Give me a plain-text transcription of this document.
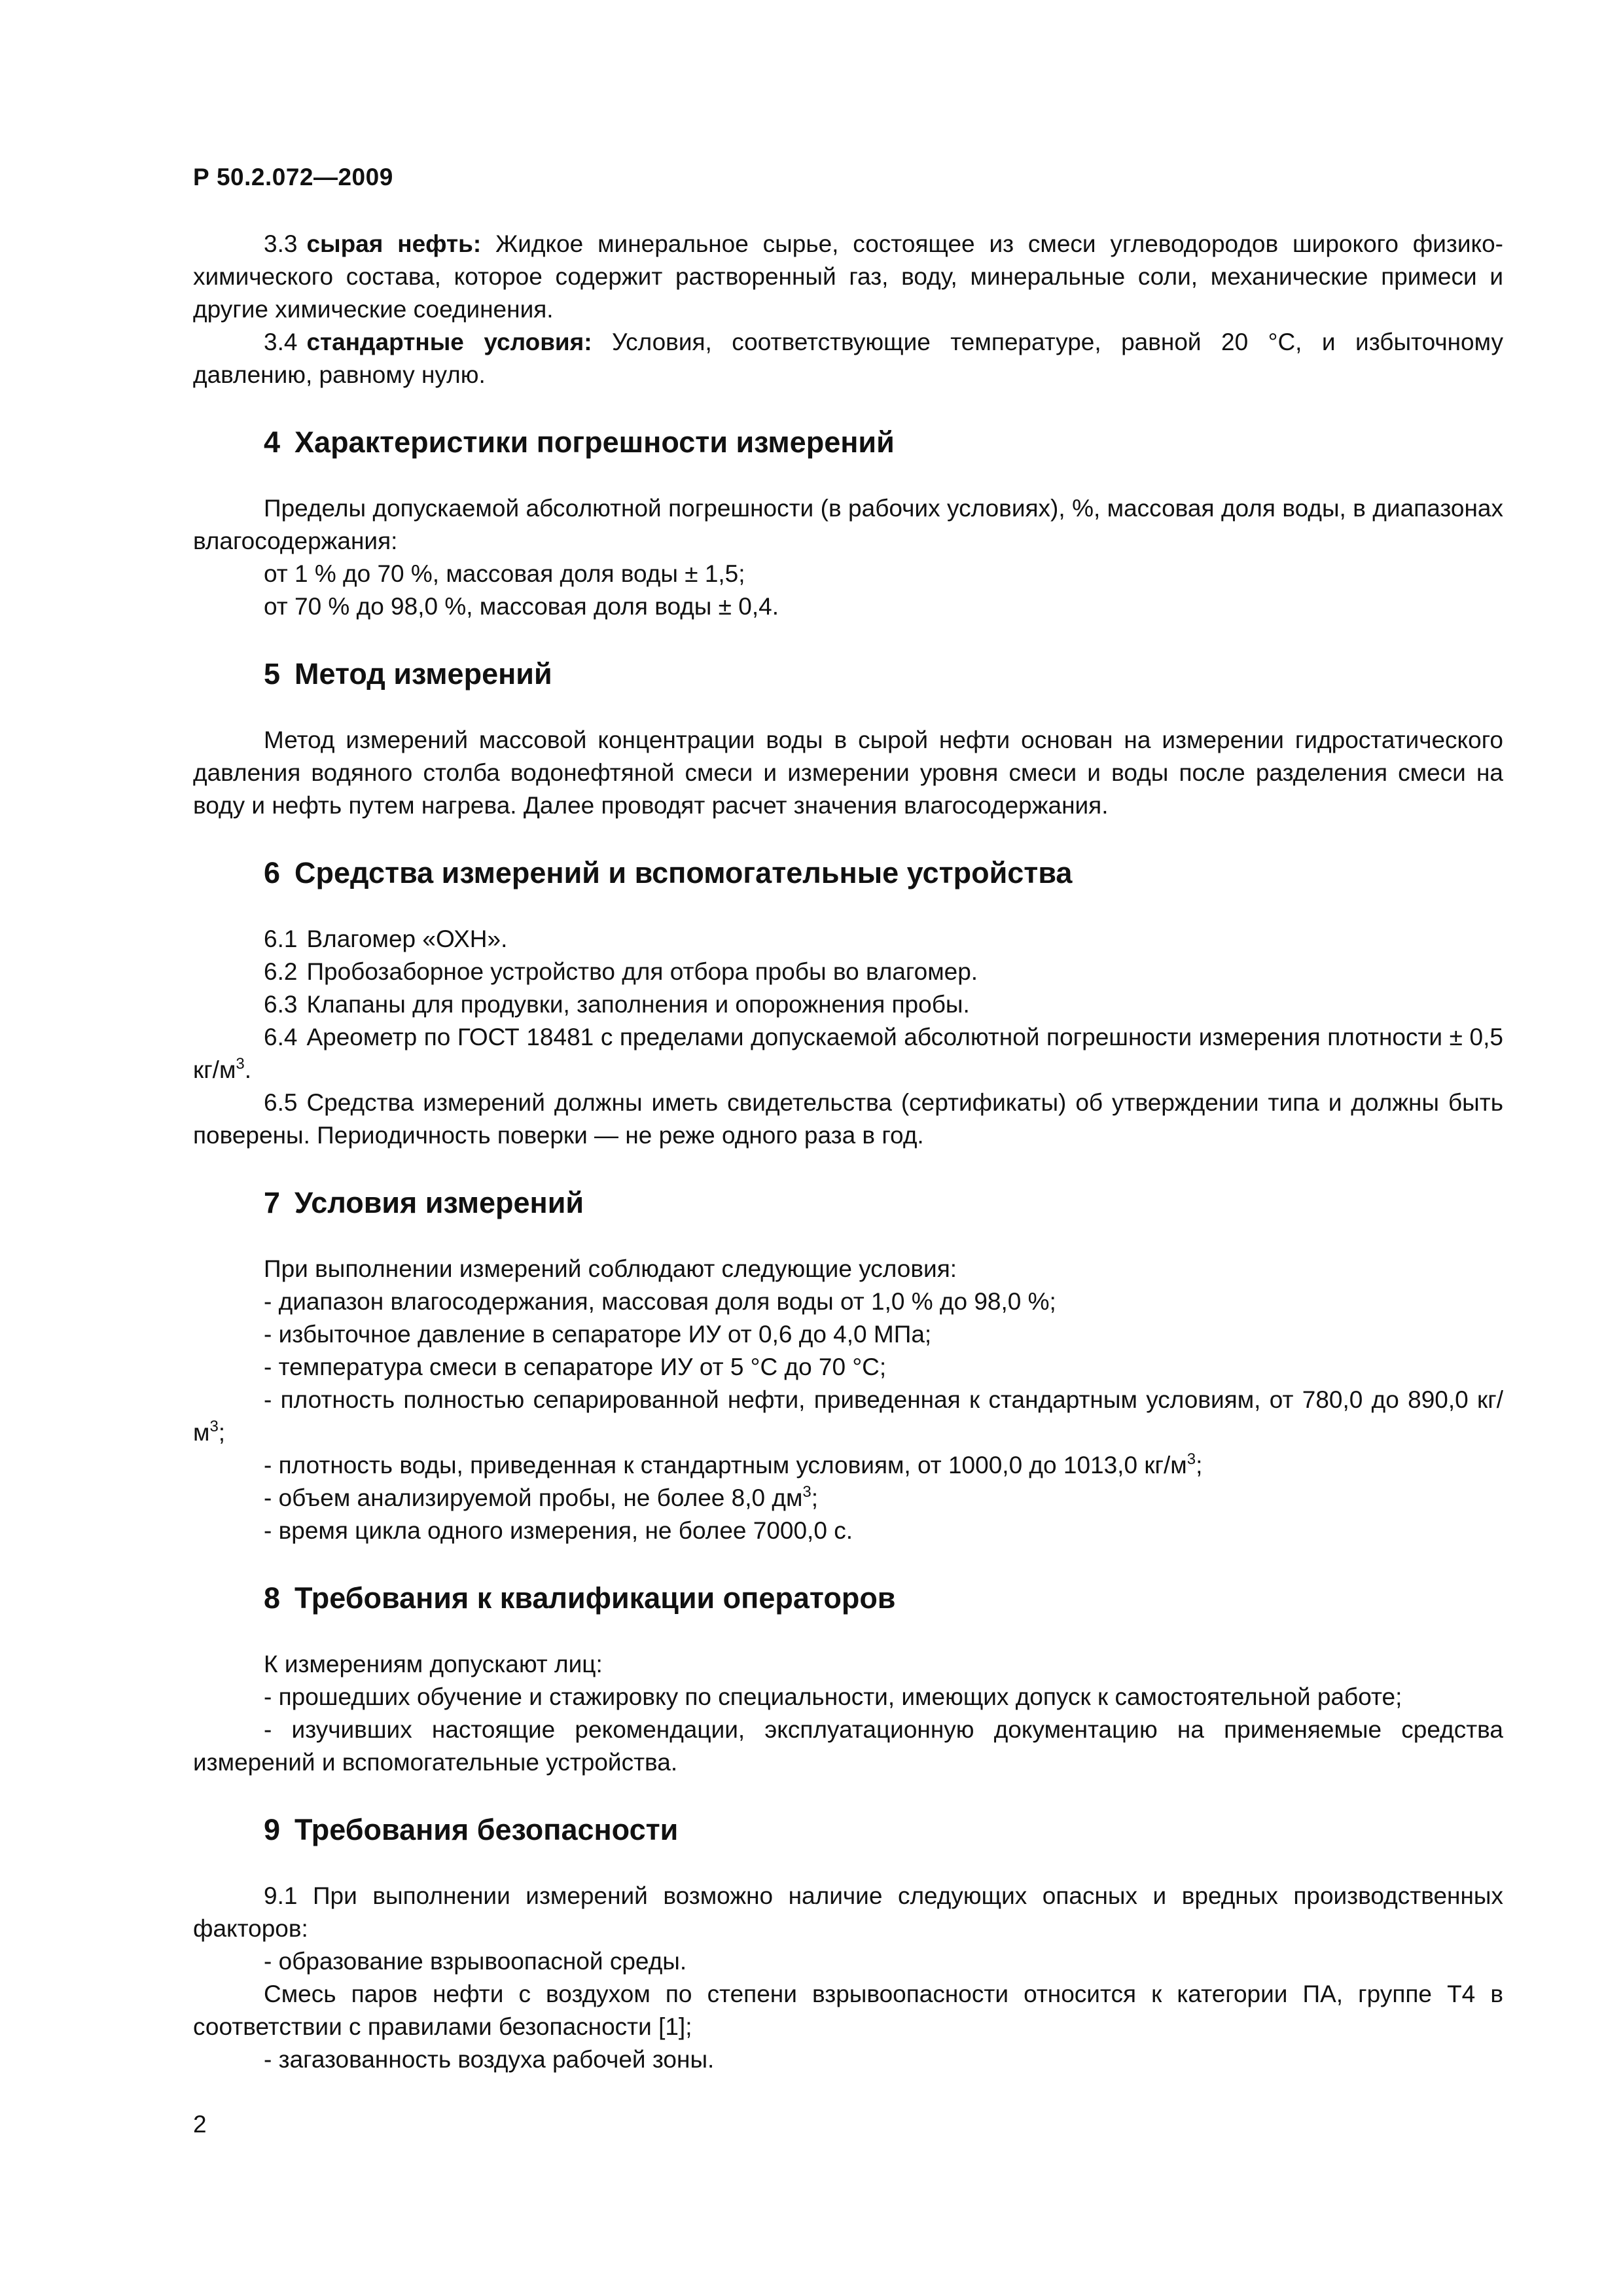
Р 50.2.072—2009

3.3 сырая нефть: Жидкое минеральное сырье, состоящее из смеси углеводородов широкого физико-химического состава, которое содержит растворенный газ, воду, минеральные соли, механические примеси и другие химические соединения.

3.4 стандартные условия: Условия, соответствующие температуре, равной 20 °С, и избыточному давлению, равному нулю.

4 Характеристики погрешности измерений

Пределы допускаемой абсолютной погрешности (в рабочих условиях), %, массовая доля воды, в диапазонах влагосодержания:

от 1 % до 70 %, массовая доля воды ± 1,5;

от 70 % до 98,0 %, массовая доля воды ± 0,4.

5 Метод измерений

Метод измерений массовой концентрации воды в сырой нефти основан на измерении гидростатического давления водяного столба водонефтяной смеси и измерении уровня смеси и воды после разделения смеси на воду и нефть путем нагрева. Далее проводят расчет значения влагосодержания.

6 Средства измерений и вспомогательные устройства

6.1 Влагомер «ОХН».

6.2 Пробозаборное устройство для отбора пробы во влагомер.

6.3 Клапаны для продувки, заполнения и опорожнения пробы.

6.4 Ареометр по ГОСТ 18481 с пределами допускаемой абсолютной погрешности измерения плотности ± 0,5 $кг/м^3$.

6.5 Средства измерений должны иметь свидетельства (сертификаты) об утверждении типа и должны быть поверены. Периодичность поверки — не реже одного раза в год.

7 Условия измерений

При выполнении измерений соблюдают следующие условия:

- диапазон влагосодержания, массовая доля воды от 1,0 % до 98,0 %;

- избыточное давление в сепараторе ИУ от 0,6 до 4,0 МПа;

- температура смеси в сепараторе ИУ от 5 °С до 70 °С;

- плотность полностью сепарированной нефти, приведенная к стандартным условиям, от 780,0 до 890,0 $кг/м^3$;

- плотность воды, приведенная к стандартным условиям, от 1000,0 до 1013,0 $кг/м^3$;

- объем анализируемой пробы, не более 8,0 $дм^3$;

- время цикла одного измерения, не более 7000,0 с.

8 Требования к квалификации операторов

К измерениям допускают лиц:

- прошедших обучение и стажировку по специальности, имеющих допуск к самостоятельной работе;

- изучивших настоящие рекомендации, эксплуатационную документацию на применяемые средства измерений и вспомогательные устройства.

9 Требования безопасности

9.1 При выполнении измерений возможно наличие следующих опасных и вредных производственных факторов:

- образование взрывоопасной среды.

Смесь паров нефти с воздухом по степени взрывоопасности относится к категории ПА, группе Т4 в соответствии с правилами безопасности [1];

- загазованность воздуха рабочей зоны.

2
